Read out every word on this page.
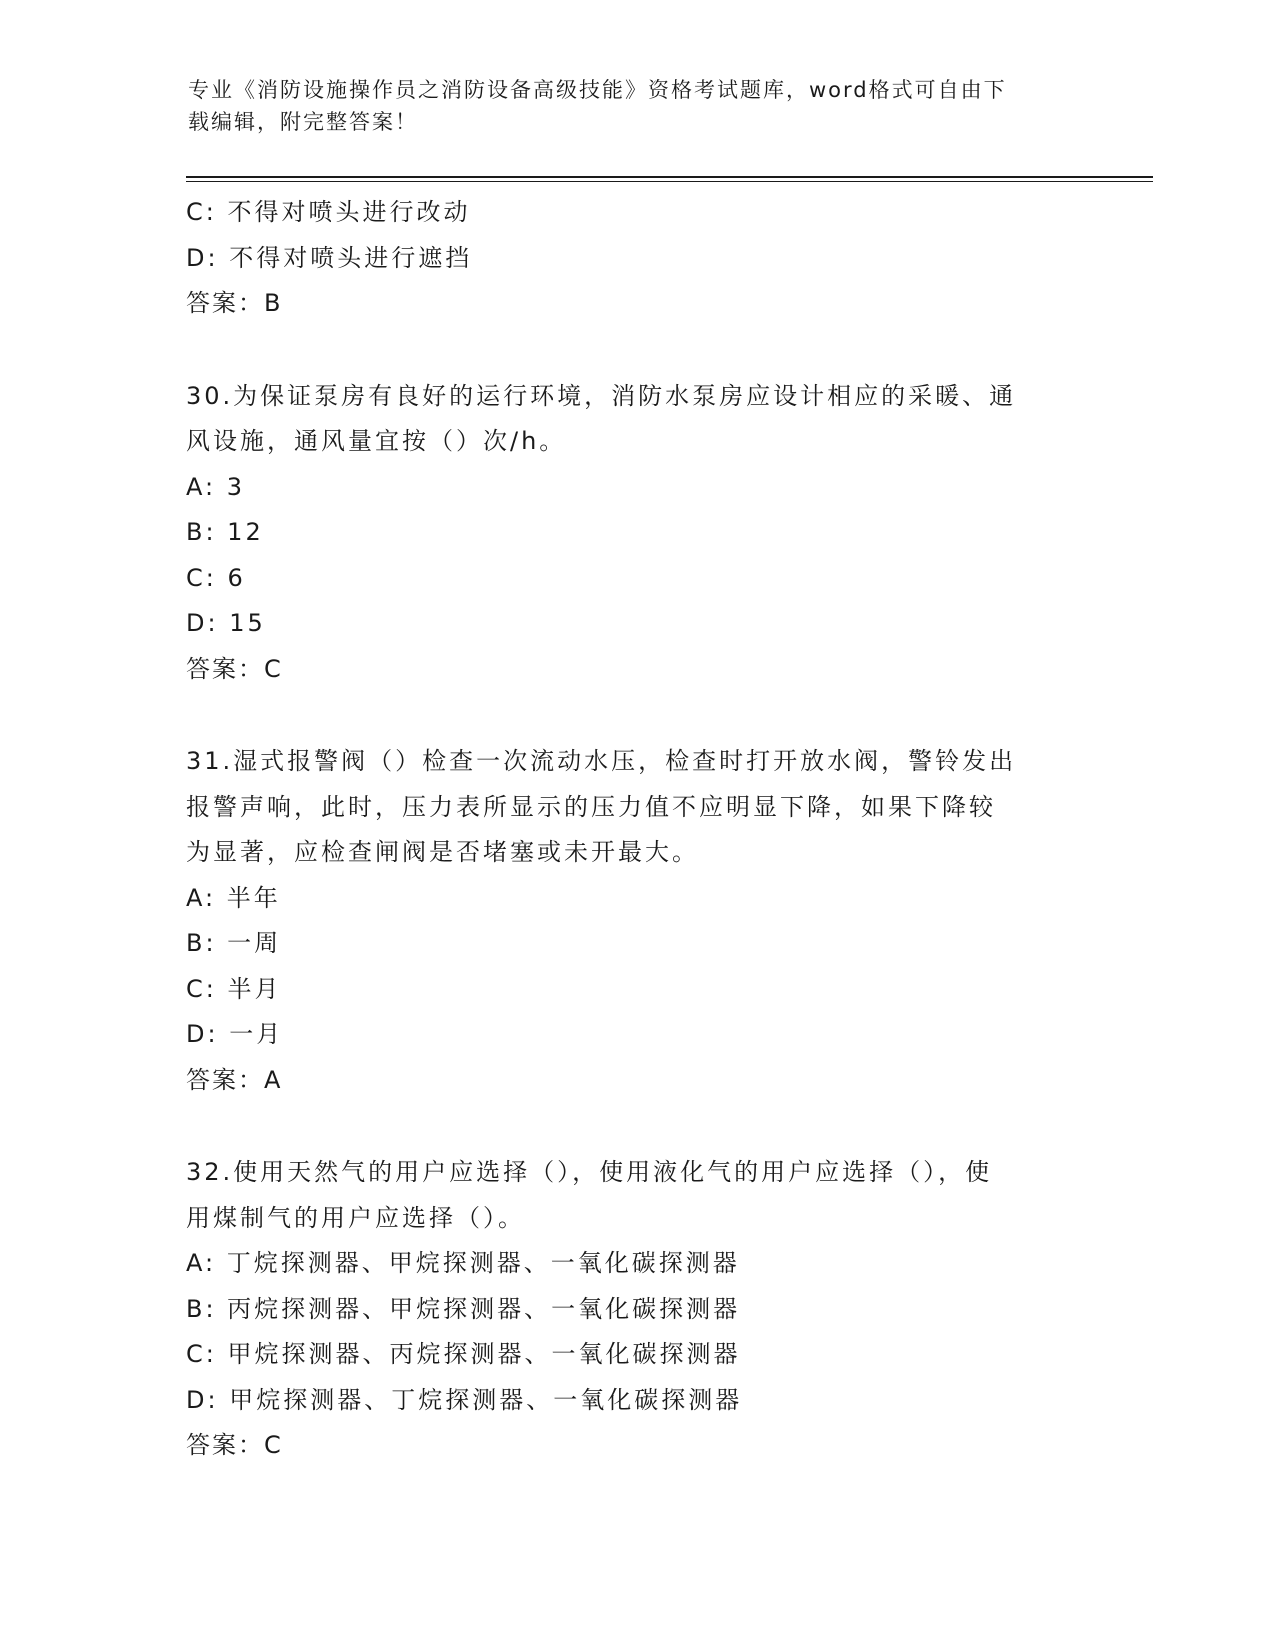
专业《消防设施操作员之消防设备高级技能》资格考试题库，word格式可自由下
载编辑，附完整答案！
C: 不得对喷头进行改动
D: 不得对喷头进行遮挡
答案：B
30.为保证泵房有良好的运行环境，消防水泵房应设计相应的采暖、通
风设施，通风量宜按（）次/h。
A: 3
B: 12
C: 6
D: 15
答案：C
31.湿式报警阀（）检查一次流动水压，检查时打开放水阀，警铃发出
报警声响，此时，压力表所显示的压力值不应明显下降，如果下降较
为显著，应检查闸阀是否堵塞或未开最大。
A: 半年
B: 一周
C: 半月
D: 一月
答案：A
32.使用天然气的用户应选择（），使用液化气的用户应选择（），使
用煤制气的用户应选择（）。
A: 丁烷探测器、甲烷探测器、一氧化碳探测器
B: 丙烷探测器、甲烷探测器、一氧化碳探测器
C: 甲烷探测器、丙烷探测器、一氧化碳探测器
D: 甲烷探测器、丁烷探测器、一氧化碳探测器
答案：C
